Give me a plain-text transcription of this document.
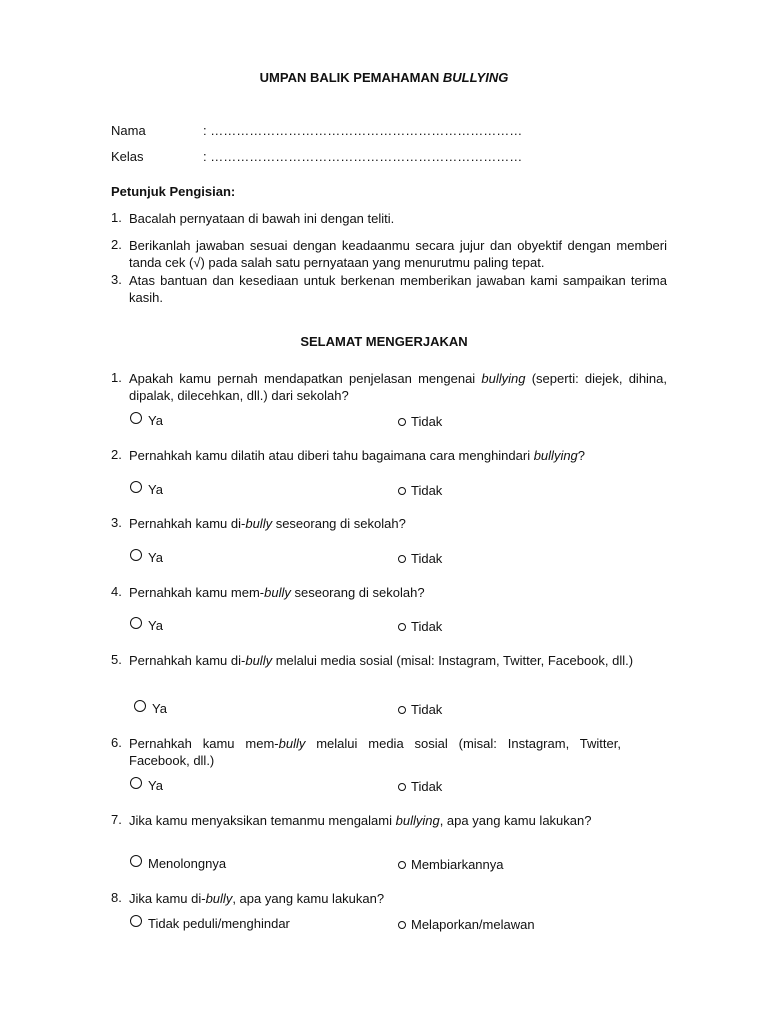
UMPAN BALIK PEMAHAMAN BULLYING
Nama	: ………………………………………………………………
Kelas	: ………………………………………………………………
Petunjuk Pengisian:
1. Bacalah pernyataan di bawah ini dengan teliti.
2. Berikanlah jawaban sesuai dengan keadaanmu secara jujur dan obyektif dengan memberi tanda cek (√) pada salah satu pernyataan yang menurutmu paling tepat.
3. Atas bantuan dan kesediaan untuk berkenan memberikan jawaban kami sampaikan terima kasih.
SELAMAT MENGERJAKAN
1. Apakah kamu pernah mendapatkan penjelasan mengenai bullying (seperti: diejek, dihina, dipalak, dilecehkan, dll.) dari sekolah?
Ya	Tidak
2. Pernahkah kamu dilatih atau diberi tahu bagaimana cara menghindari bullying?
Ya	Tidak
3. Pernahkah kamu di-bully seseorang di sekolah?
Ya	Tidak
4. Pernahkah kamu mem-bully seseorang di sekolah?
Ya	Tidak
5. Pernahkah kamu di-bully melalui media sosial (misal: Instagram, Twitter, Facebook, dll.)
Ya	Tidak
6. Pernahkah kamu mem-bully melalui media sosial (misal: Instagram, Twitter, Facebook, dll.)
Ya	Tidak
7. Jika kamu menyaksikan temanmu mengalami bullying, apa yang kamu lakukan?
Menolongnya	Membiarkannya
8. Jika kamu di-bully, apa yang kamu lakukan?
Tidak peduli/menghindar	Melaporkan/melawan
